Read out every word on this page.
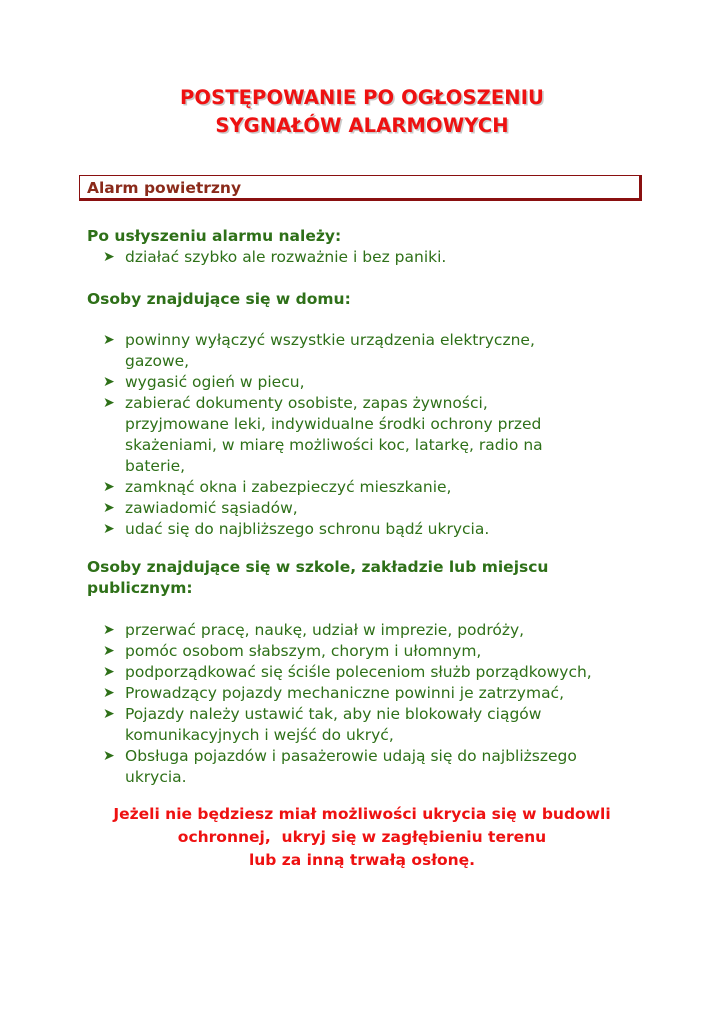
POSTĘPOWANIE PO OGŁOSZENIU
SYGNAŁÓW ALARMOWYCH
Alarm powietrzny
Po usłyszeniu alarmu należy:
➤ działać szybko ale rozważnie i bez paniki.
Osoby znajdujące się w domu:
➤ powinny wyłączyć wszystkie urządzenia elektryczne,
gazowe,
➤ wygasić ogień w piecu,
➤ zabierać dokumenty osobiste, zapas żywności,
przyjmowane leki, indywidualne środki ochrony przed
skażeniami, w miarę możliwości koc, latarkę, radio na
baterie,
➤ zamknąć okna i zabezpieczyć mieszkanie,
➤ zawiadomić sąsiadów,
➤ udać się do najbliższego schronu bądź ukrycia.
Osoby znajdujące się w szkole, zakładzie lub miejscu
publicznym:
➤ przerwać pracę, naukę, udział w imprezie, podróży,
➤ pomóc osobom słabszym, chorym i ułomnym,
➤ podporządkować się ściśle poleceniom służb porządkowych,
➤ Prowadzący pojazdy mechaniczne powinni je zatrzymać,
➤ Pojazdy należy ustawić tak, aby nie blokowały ciągów
komunikacyjnych i wejść do ukryć,
➤ Obsługa pojazdów i pasażerowie udają się do najbliższego
ukrycia.
Jeżeli nie będziesz miał możliwości ukrycia się w budowli
ochronnej,  ukryj się w zagłębieniu terenu
lub za inną trwałą osłonę.
